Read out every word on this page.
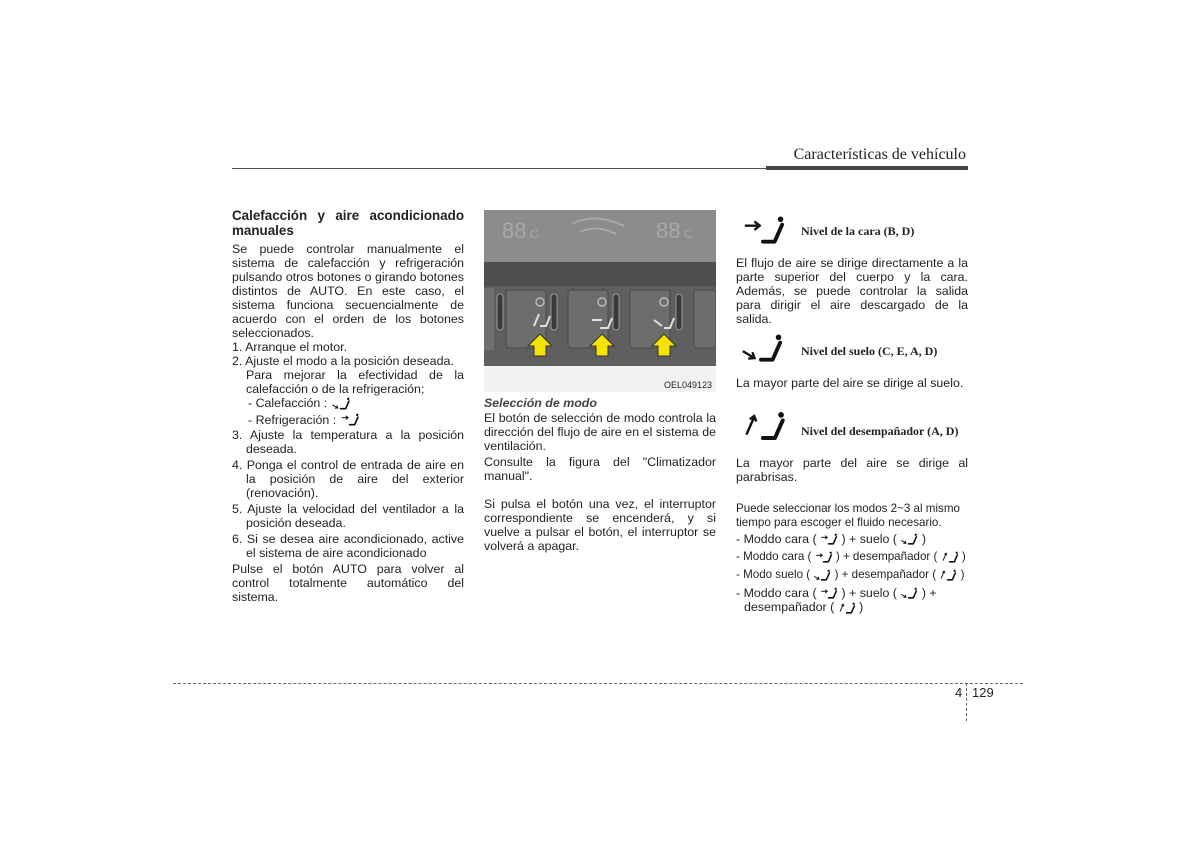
Características de vehículo
Calefacción y aire acondicionado manuales

Se puede controlar manualmente el sistema de calefacción y refrigeración pulsando otros botones o girando botones distintos de AUTO. En este caso, el sistema funciona secuencialmente de acuerdo con el orden de los botones seleccionados.

1. Arranque el motor.

2. Ajuste el modo a la posición deseada.

Para mejorar la efectividad de la calefacción o de la refrigeración;

- Calefacción :

- Refrigeración :

3. Ajuste la temperatura a la posición deseada.

4. Ponga el control de entrada de aire en la posición de aire del exterior (renovación).

5. Ajuste la velocidad del ventilador a la posición deseada.

6. Si se desea aire acondicionado, active el sistema de aire acondicionado

Pulse el botón AUTO para volver al control totalmente automático del sistema.

88 C	88 C
OEL049123

Selección de modo

El botón de selección de modo controla la dirección del flujo de aire en el sistema de ventilación.

Consulte la figura del "Climatizador manual".

Si pulsa el botón una vez, el interruptor correspondiente se encenderá, y si vuelve a pulsar el botón, el interruptor se volverá a apagar.

Nivel de la cara (B, D)

El flujo de aire se dirige directamente a la parte superior del cuerpo y la cara. Además, se puede controlar la salida para dirigir el aire descargado de la salida.

Nivel del suelo (C, E, A, D)

La mayor parte del aire se dirige al suelo.

Nivel del desempañador (A, D)

La mayor parte del aire se dirige al parabrisas.

Puede seleccionar los modos 2~3 al mismo tiempo para escoger el fluido necesario.

- Moddo cara ( ) + suelo ( )

- Moddo cara ( ) + desempañador ( )

- Modo suelo ( ) + desempañador ( )

- Moddo cara ( ) + suelo ( ) +

desempañador ( )

4 129
